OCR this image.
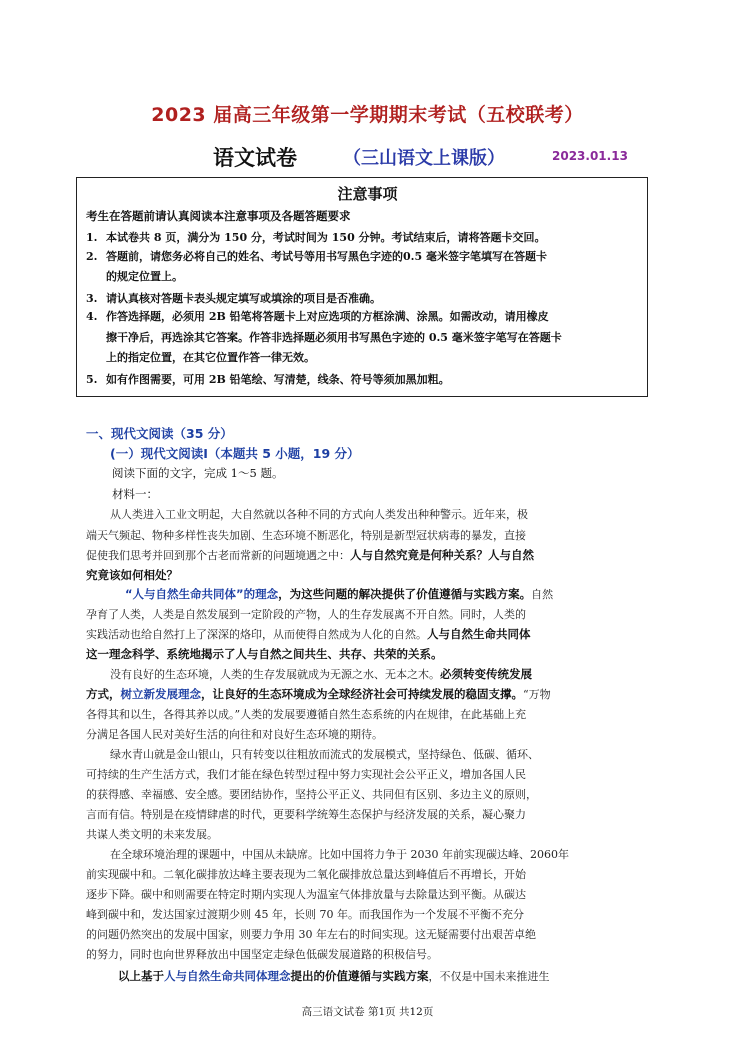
2023 届高三年级第一学期期末考试（五校联考）
语文试卷	（三山语文上课版）	2023.01.13
注意事项
考生在答题前请认真阅读本注意事项及各题答题要求
1. 本试卷共 8 页，满分为 150 分，考试时间为 150 分钟。考试结束后，请将答题卡交回。
2. 答题前，请您务必将自己的姓名、考试号等用书写黑色字迹的0.5 毫米签字笔填写在答题卡
的规定位置上。
3. 请认真核对答题卡表头规定填写或填涂的项目是否准确。
4. 作答选择题，必须用 2B 铅笔将答题卡上对应选项的方框涂满、涂黑。如需改动，请用橡皮
擦干净后，再选涂其它答案。作答非选择题必须用书写黑色字迹的 0.5 毫米签字笔写在答题卡
上的指定位置，在其它位置作答一律无效。
5. 如有作图需要，可用 2B 铅笔绘、写清楚，线条、符号等须加黑加粗。
一、现代文阅读（35 分）
(一）现代文阅读Ⅰ（本题共 5 小题，19 分）
阅读下面的文字，完成 1～5 题。
材料一：
从人类进入工业文明起，大自然就以各种不同的方式向人类发出种种警示。近年来，极
端天气频起、物种多样性丧失加剧、生态环境不断恶化，特别是新型冠状病毒的暴发，直接
促使我们思考并回到那个古老而常新的问题境遇之中：人与自然究竟是何种关系？人与自然
究竟该如何相处？
“人与自然生命共同体”的理念，为这些问题的解决提供了价值遵循与实践方案。自然
孕育了人类，人类是自然发展到一定阶段的产物，人的生存发展离不开自然。同时，人类的
实践活动也给自然打上了深深的烙印，从而使得自然成为人化的自然。人与自然生命共同体
这一理念科学、系统地揭示了人与自然之间共生、共存、共荣的关系。
没有良好的生态环境，人类的生存发展就成为无源之水、无本之木。必须转变传统发展
方式，树立新发展理念，让良好的生态环境成为全球经济社会可持续发展的稳固支撑。“万物
各得其和以生，各得其养以成。”人类的发展要遵循自然生态系统的内在规律，在此基础上充
分满足各国人民对美好生活的向往和对良好生态环境的期待。
绿水青山就是金山银山，只有转变以往粗放而流式的发展模式，坚持绿色、低碳、循环、
可持续的生产生活方式，我们才能在绿色转型过程中努力实现社会公平正义，增加各国人民
的获得感、幸福感、安全感。要团结协作，坚持公平正义、共同但有区别、多边主义的原则，
言而有信。特别是在疫情肆虐的时代，更要科学统筹生态保护与经济发展的关系，凝心聚力
共谋人类文明的未来发展。
在全球环境治理的课题中，中国从未缺席。比如中国将力争于 2030 年前实现碳达峰、2060年
前实现碳中和。二氧化碳排放达峰主要表现为二氧化碳排放总量达到峰值后不再增长，开始
逐步下降。碳中和则需要在特定时期内实现人为温室气体排放量与去除量达到平衡。从碳达
峰到碳中和，发达国家过渡期少则 45 年，长则 70 年。而我国作为一个发展不平衡不充分
的问题仍然突出的发展中国家，则要力争用 30 年左右的时间实现。这无疑需要付出艰苦卓绝
的努力，同时也向世界释放出中国坚定走绿色低碳发展道路的积极信号。
以上基于人与自然生命共同体理念提出的价值遵循与实践方案，不仅是中国未来推进生
高三语文试卷 第1页 共12页
